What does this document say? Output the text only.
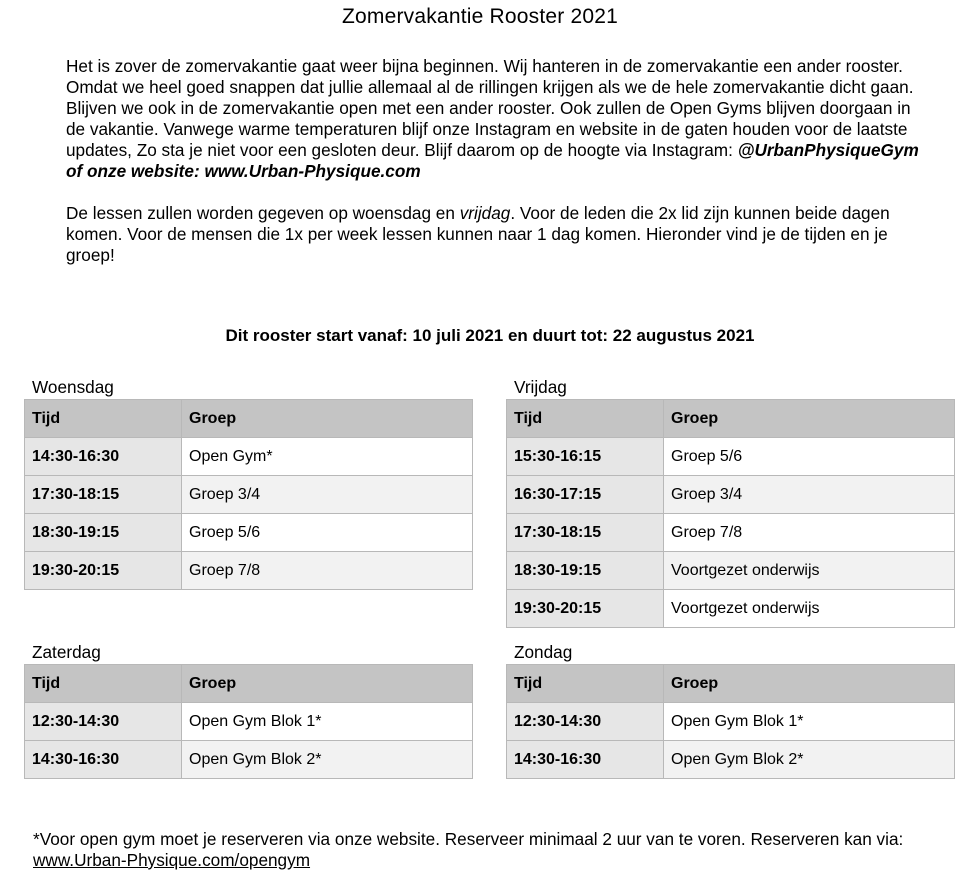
Zomervakantie Rooster 2021

Het is zover de zomervakantie gaat weer bijna beginnen. Wij hanteren in de zomervakantie een ander rooster. Omdat we heel goed snappen dat jullie allemaal al de rillingen krijgen als we de hele zomervakantie dicht gaan. Blijven we ook in de zomervakantie open met een ander rooster. Ook zullen de Open Gyms blijven doorgaan in de vakantie. Vanwege warme temperaturen blijf onze Instagram en website in de gaten houden voor de laatste updates, Zo sta je niet voor een gesloten deur. Blijf daarom op de hoogte via Instagram: @UrbanPhysiqueGym of onze website: www.Urban-Physique.com

De lessen zullen worden gegeven op woensdag en vrijdag. Voor de leden die 2x lid zijn kunnen beide dagen komen. Voor de mensen die 1x per week lessen kunnen naar 1 dag komen. Hieronder vind je de tijden en je groep!

Dit rooster start vanaf: 10 juli 2021 en duurt tot: 22 augustus 2021
Woensdag
Tijd	Groep
14:30-16:30	Open Gym*
17:30-18:15	Groep 3/4
18:30-19:15	Groep 5/6
19:30-20:15	Groep 7/8
Vrijdag
Tijd	Groep
15:30-16:15	Groep 5/6
16:30-17:15	Groep 3/4
17:30-18:15	Groep 7/8
18:30-19:15	Voortgezet onderwijs
19:30-20:15	Voortgezet onderwijs
Zaterdag
Tijd	Groep
12:30-14:30	Open Gym Blok 1*
14:30-16:30	Open Gym Blok 2*
Zondag
Tijd	Groep
12:30-14:30	Open Gym Blok 1*
14:30-16:30	Open Gym Blok 2*
*Voor open gym moet je reserveren via onze website. Reserveer minimaal 2 uur van te voren. Reserveren kan via: www.Urban-Physique.com/opengym
